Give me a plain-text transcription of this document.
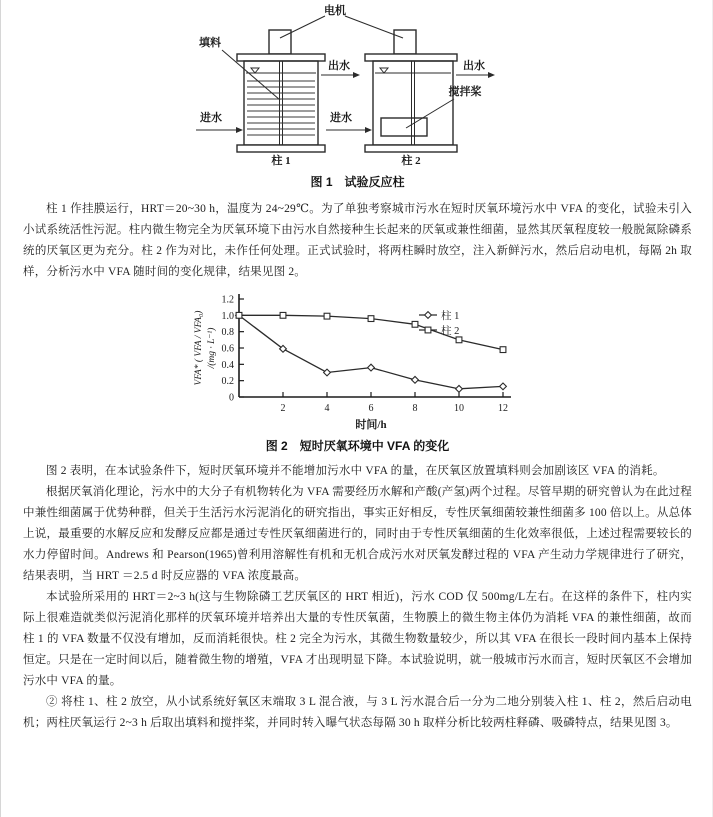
电机
柱 1
填料
出水
进水
柱 2
搅拌桨
出水
进水
图 1　试验反应柱

柱 1 作挂膜运行，HRT＝20~30 h，温度为 24~29℃。为了单独考察城市污水在短时厌氧环境污水中 VFA 的变化，试验未引入小试系统活性污泥。柱内微生物完全为厌氧环境下由污水自然接种生长起来的厌氧或兼性细菌，显然其厌氧程度较一般脱氮除磷系统的厌氧区更为充分。柱 2 作为对比，未作任何处理。正式试验时，将两柱瞬时放空，注入新鲜污水，然后启动电机，每隔 2h 取样，分析污水中 VFA 随时间的变化规律，结果见图 2。

0
0.2
0.4
0.6
0.8
1.0
1.2
2	4	6	8	10	12
时间/h
VFA* ( VFA / VFA₀) /(mg · L⁻¹)
柱 1
柱 2
图 2　短时厌氧环境中 VFA 的变化

图 2 表明，在本试验条件下，短时厌氧环境并不能增加污水中 VFA 的量，在厌氧区放置填料则会加剧该区 VFA 的消耗。

根据厌氧消化理论，污水中的大分子有机物转化为 VFA 需要经历水解和产酸(产氢)两个过程。尽管早期的研究曾认为在此过程中兼性细菌属于优势种群，但关于生活污水污泥消化的研究指出，事实正好相反，专性厌氧细菌较兼性细菌多 100 倍以上。从总体上说，最重要的水解反应和发酵反应都是通过专性厌氧细菌进行的，同时由于专性厌氧细菌的生化效率很低，上述过程需要较长的水力停留时间。Andrews 和 Pearson(1965)曾利用溶解性有机和无机合成污水对厌氧发酵过程的 VFA 产生动力学规律进行了研究，结果表明，当 HRT ＝2.5 d 时反应器的 VFA 浓度最高。

本试验所采用的 HRT＝2~3 h(这与生物除磷工艺厌氧区的 HRT 相近)，污水 COD 仅 500mg/L左右。在这样的条件下，柱内实际上很难造就类似污泥消化那样的厌氧环境并培养出大量的专性厌氧菌，生物膜上的微生物主体仍为消耗 VFA 的兼性细菌，故而柱 1 的 VFA 数量不仅没有增加，反而消耗很快。柱 2 完全为污水，其微生物数量较少，所以其 VFA 在很长一段时间内基本上保持恒定。只是在一定时间以后，随着微生物的增殖，VFA 才出现明显下降。本试验说明，就一般城市污水而言，短时厌氧区不会增加污水中 VFA 的量。

② 将柱 1、柱 2 放空，从小试系统好氧区末端取 3 L 混合液，与 3 L 污水混合后一分为二地分别装入柱 1、柱 2，然后启动电机；两柱厌氧运行 2~3 h 后取出填料和搅拌桨，并同时转入曝气状态每隔 30 h 取样分析比较两柱释磷、吸磷特点，结果见图 3。
